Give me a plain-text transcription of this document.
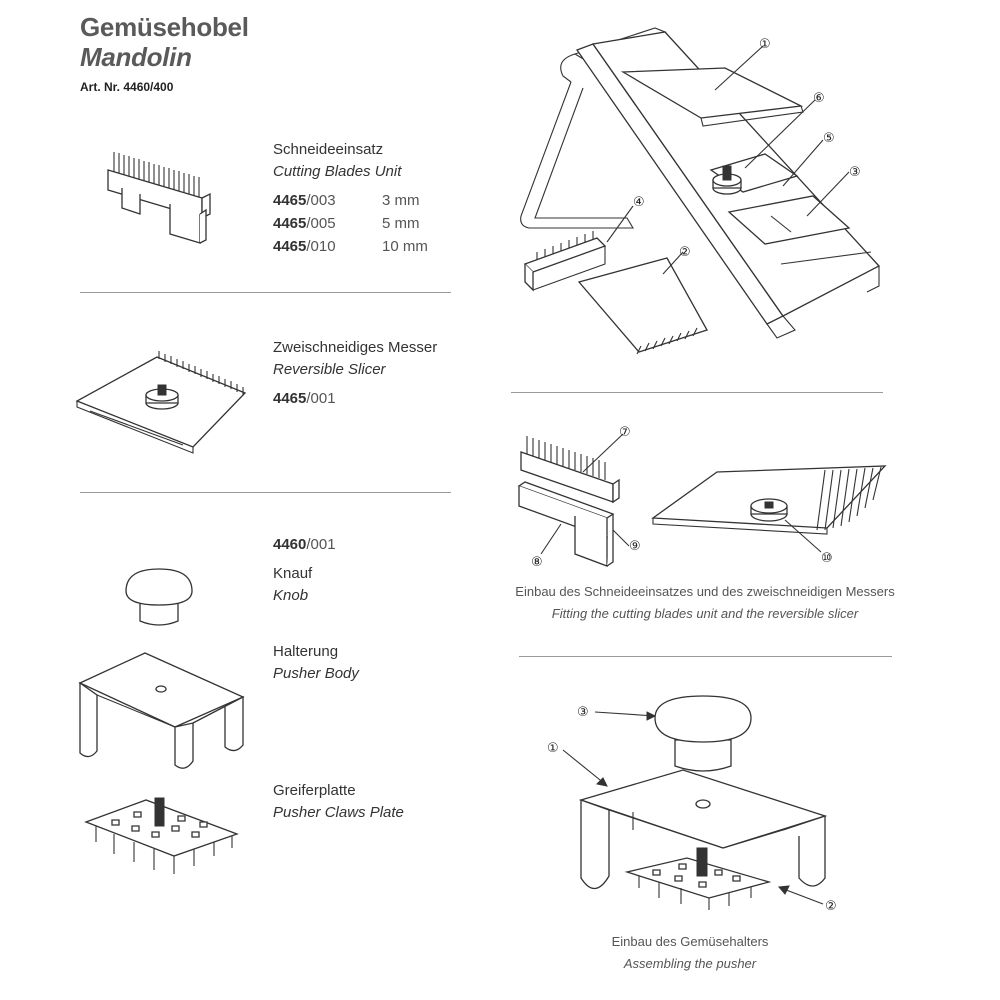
Gemüsehobel
Mandolin
Art. Nr. 4460/400
Schneideeinsatz
Cutting Blades Unit
4465/003	3 mm
4465/005	5 mm
4465/010	10 mm
Zweischneidiges Messer
Reversible Slicer
4465/001
4460/001
Knauf
Knob
Halterung
Pusher Body
Greiferplatte
Pusher Claws Plate
①
②
③
④
⑤
⑥
⑦
⑧
⑨
⑩
Einbau des Schneideeinsatzes und des zweischneidigen Messers
Fitting the cutting blades unit and the reversible slicer
③
①
②
Einbau des Gemüsehalters
Assembling the pusher
